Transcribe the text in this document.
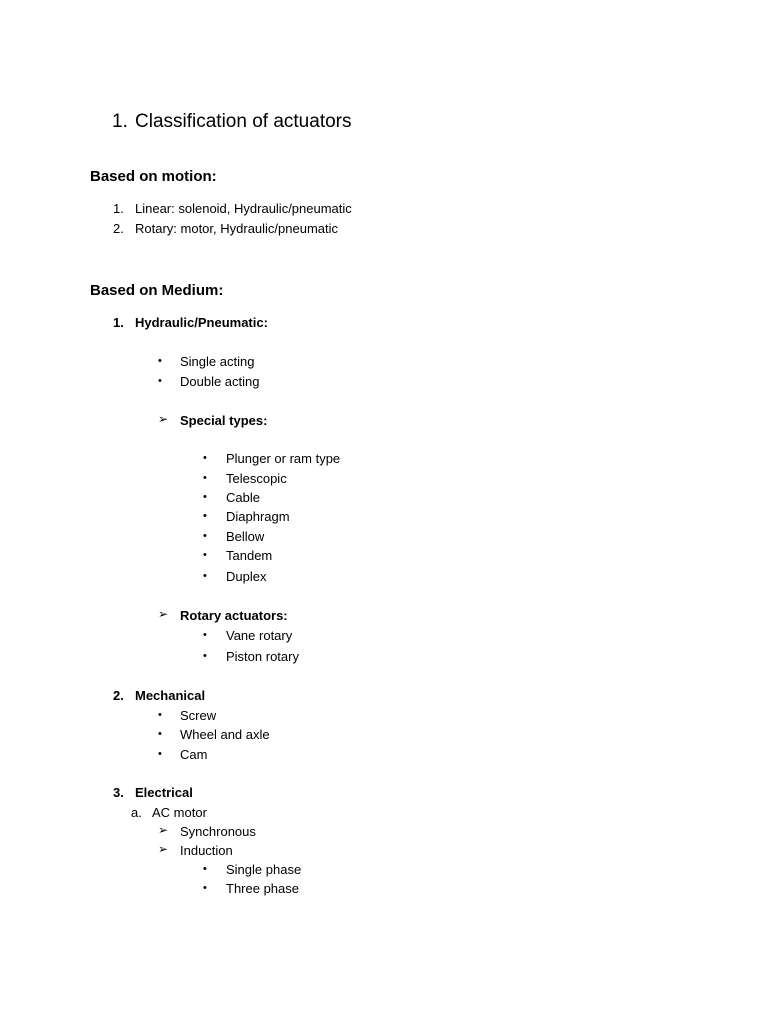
1. Classification of actuators
Based on motion:
1. Linear: solenoid, Hydraulic/pneumatic
2. Rotary: motor, Hydraulic/pneumatic
Based on Medium:
1. Hydraulic/Pneumatic:
• Single acting
• Double acting
➢ Special types:
• Plunger or ram type
• Telescopic
• Cable
• Diaphragm
• Bellow
• Tandem
• Duplex
➢ Rotary actuators:
• Vane rotary
• Piston rotary
2. Mechanical
• Screw
• Wheel and axle
• Cam
3. Electrical
a. AC motor
➢ Synchronous
➢ Induction
• Single phase
• Three phase
